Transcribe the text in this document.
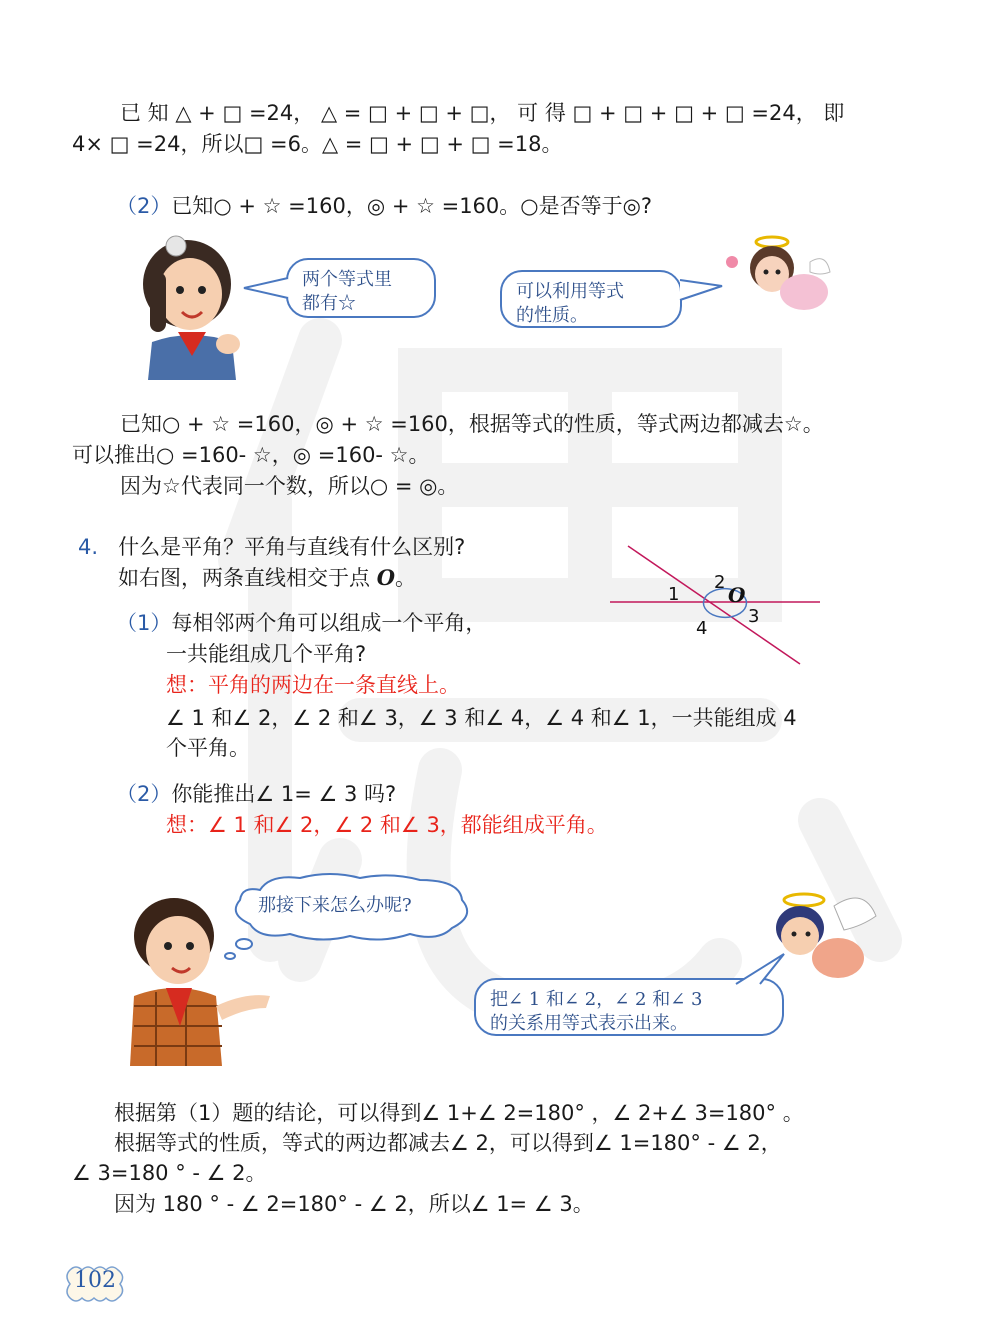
已 知 △ + □ =24， △ = □ + □ + □， 可 得 □ + □ + □ + □ =24， 即
4× □ =24，所以□ =6。△ = □ + □ + □ =18。
（2）已知○ + ☆ =160，◎ + ☆ =160。○是否等于◎?
两个等式里
都有☆
可以利用等式
的性质。
已知○ + ☆ =160，◎ + ☆ =160，根据等式的性质，等式两边都减去☆。
可以推出○ =160- ☆，◎ =160- ☆。
因为☆代表同一个数，所以○ = ◎。
4. 什么是平角？平角与直线有什么区别?
如右图，两条直线相交于点 O。
1
2
3
4
O
（1）每相邻两个角可以组成一个平角，
一共能组成几个平角?
想：平角的两边在一条直线上。
∠ 1 和∠ 2，∠ 2 和∠ 3，∠ 3 和∠ 4，∠ 4 和∠ 1，一共能组成 4
个平角。
（2）你能推出∠ 1= ∠ 3 吗?
想：∠ 1 和∠ 2，∠ 2 和∠ 3，都能组成平角。
那接下来怎么办呢?
把∠ 1 和∠ 2，∠ 2 和∠ 3
的关系用等式表示出来。
根据第（1）题的结论，可以得到∠ 1+∠ 2=180° ，∠ 2+∠ 3=180° 。
根据等式的性质，等式的两边都减去∠ 2，可以得到∠ 1=180° - ∠ 2，
∠ 3=180 ° - ∠ 2。
因为 180 ° - ∠ 2=180° - ∠ 2，所以∠ 1= ∠ 3。
102
